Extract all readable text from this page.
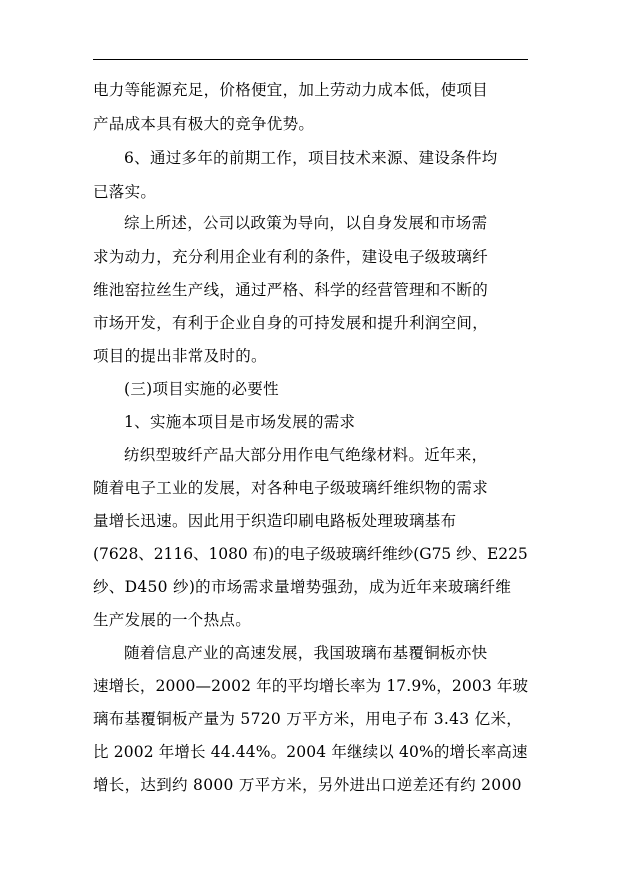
电力等能源充足，价格便宜，加上劳动力成本低，使项目
产品成本具有极大的竞争优势。
6、通过多年的前期工作，项目技术来源、建设条件均
已落实。
综上所述，公司以政策为导向，以自身发展和市场需
求为动力，充分利用企业有利的条件，建设电子级玻璃纤
维池窑拉丝生产线，通过严格、科学的经营管理和不断的
市场开发，有利于企业自身的可持发展和提升利润空间，
项目的提出非常及时的。
(三)项目实施的必要性
1、实施本项目是市场发展的需求
纺织型玻纤产品大部分用作电气绝缘材料。近年来，
随着电子工业的发展，对各种电子级玻璃纤维织物的需求
量增长迅速。因此用于织造印刷电路板处理玻璃基布
(7628、2116、1080 布)的电子级玻璃纤维纱(G75 纱、E225
纱、D450 纱)的市场需求量增势强劲，成为近年来玻璃纤维
生产发展的一个热点。
随着信息产业的高速发展，我国玻璃布基覆铜板亦快
速增长，2000—2002 年的平均增长率为 17.9%，2003 年玻
璃布基覆铜板产量为 5720 万平方米，用电子布 3.43 亿米，
比 2002 年增长 44.44%。2004 年继续以 40%的增长率高速
增长，达到约 8000 万平方米，另外进出口逆差还有约 2000
